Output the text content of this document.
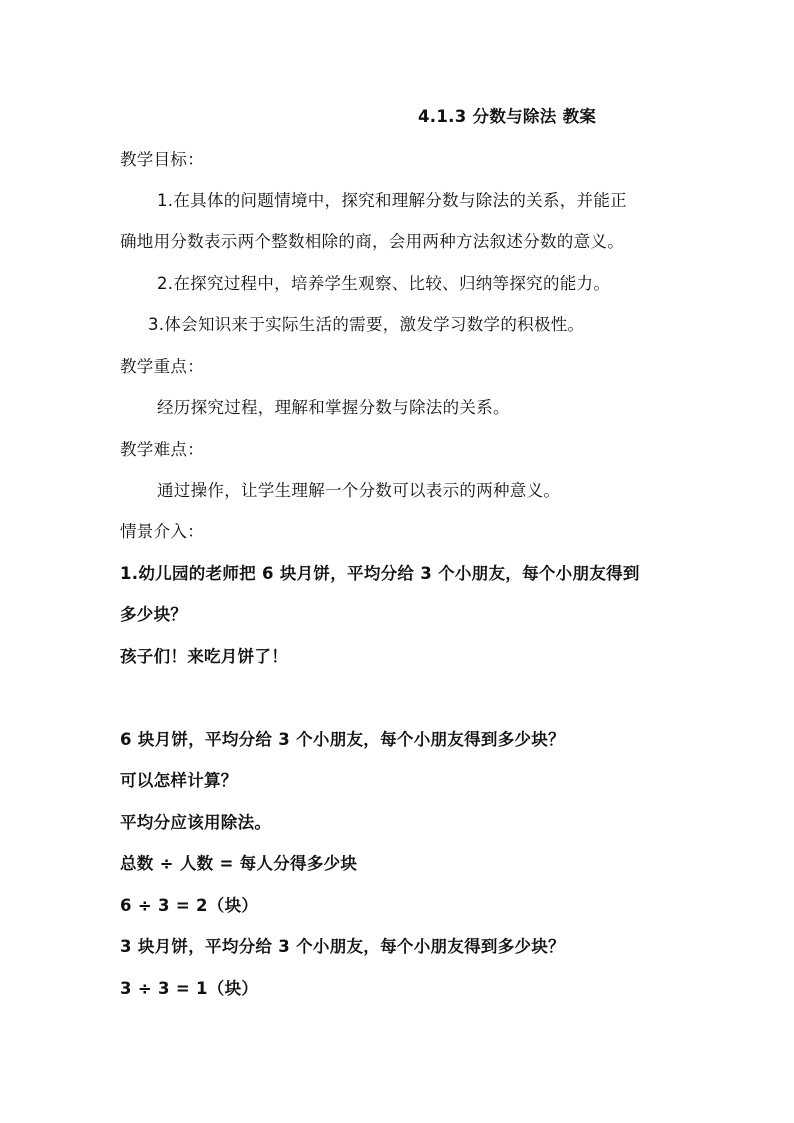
4.1.3 分数与除法 教案
教学目标：
1.在具体的问题情境中，探究和理解分数与除法的关系，并能正
确地用分数表示两个整数相除的商，会用两种方法叙述分数的意义。
2.在探究过程中，培养学生观察、比较、归纳等探究的能力。
3.体会知识来于实际生活的需要，激发学习数学的积极性。
教学重点：
经历探究过程，理解和掌握分数与除法的关系。
教学难点：
通过操作，让学生理解一个分数可以表示的两种意义。
情景介入：
1.幼儿园的老师把 6 块月饼，平均分给 3 个小朋友，每个小朋友得到
多少块？
孩子们！来吃月饼了！
6 块月饼，平均分给 3 个小朋友，每个小朋友得到多少块？
可以怎样计算？
平均分应该用除法。
总数 ÷ 人数 = 每人分得多少块
6 ÷ 3 = 2（块）
3 块月饼，平均分给 3 个小朋友，每个小朋友得到多少块？
3 ÷ 3 = 1（块）
